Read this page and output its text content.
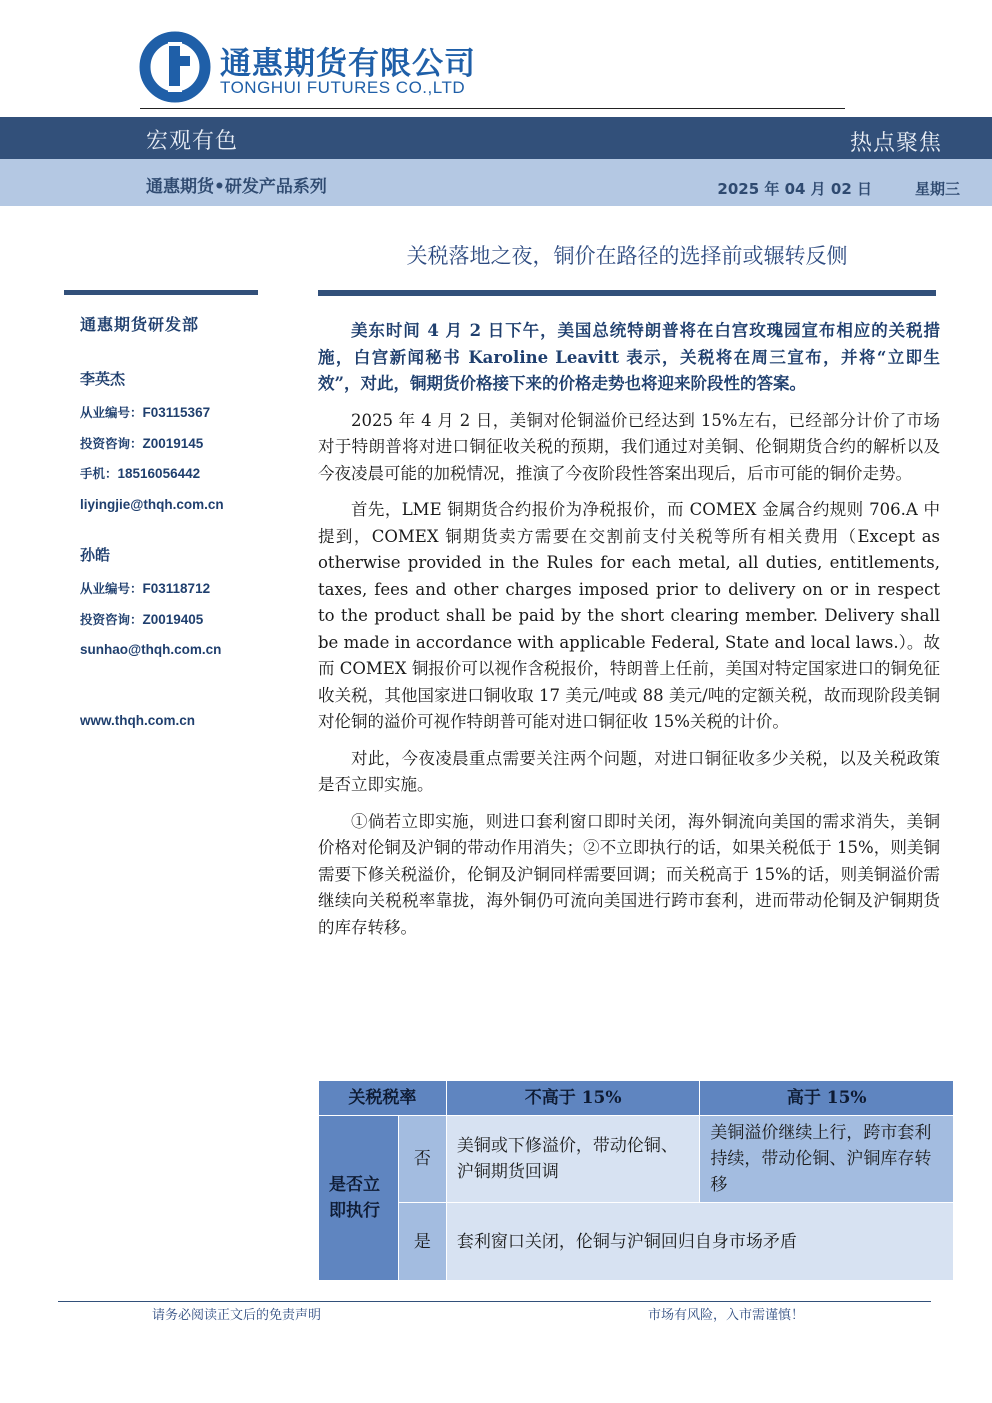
通惠期货有限公司
TONGHUI FUTURES CO.,LTD
宏观有色	热点聚焦
通惠期货•研发产品系列	2025 年 04 月 02 日	星期三
关税落地之夜，铜价在路径的选择前或辗转反侧
通惠期货研发部
李英杰
从业编号：F03115367
投资咨询：Z0019145
手机：18516056442
liyingjie@thqh.com.cn
孙皓
从业编号：F03118712
投资咨询：Z0019405
sunhao@thqh.com.cn
www.thqh.com.cn

美东时间 4 月 2 日下午，美国总统特朗普将在白宫玫瑰园宣布相应的关税措施，白宫新闻秘书 Karoline Leavitt 表示，关税将在周三宣布，并将“立即生效”，对此，铜期货价格接下来的价格走势也将迎来阶段性的答案。

2025 年 4 月 2 日，美铜对伦铜溢价已经达到 15%左右，已经部分计价了市场对于特朗普将对进口铜征收关税的预期，我们通过对美铜、伦铜期货合约的解析以及今夜凌晨可能的加税情况，推演了今夜阶段性答案出现后，后市可能的铜价走势。

首先，LME 铜期货合约报价为净税报价，而 COMEX 金属合约规则 706.A 中提到，COMEX 铜期货卖方需要在交割前支付关税等所有相关费用（Except as otherwise provided in the Rules for each metal, all duties, entitlements, taxes, fees and other charges imposed prior to delivery on or in respect to the product shall be paid by the short clearing member. Delivery shall be made in accordance with applicable Federal, State and local laws.）。故而 COMEX 铜报价可以视作含税报价，特朗普上任前，美国对特定国家进口的铜免征收关税，其他国家进口铜收取 17 美元/吨或 88 美元/吨的定额关税，故而现阶段美铜对伦铜的溢价可视作特朗普可能对进口铜征收 15%关税的计价。

对此，今夜凌晨重点需要关注两个问题，对进口铜征收多少关税，以及关税政策是否立即实施。

①倘若立即实施，则进口套利窗口即时关闭，海外铜流向美国的需求消失，美铜价格对伦铜及沪铜的带动作用消失；②不立即执行的话，如果关税低于 15%，则美铜需要下修关税溢价，伦铜及沪铜同样需要回调；而关税高于 15%的话，则美铜溢价需继续向关税税率靠拢，海外铜仍可流向美国进行跨市套利，进而带动伦铜及沪铜期货的库存转移。

关税税率		不高于 15%	高于 15%
是否立即执行	否	美铜或下修溢价，带动伦铜、沪铜期货回调	美铜溢价继续上行，跨市套利持续，带动伦铜、沪铜库存转移
	是	套利窗口关闭，伦铜与沪铜回归自身市场矛盾	
请务必阅读正文后的免责声明	市场有风险，入市需谨慎！
